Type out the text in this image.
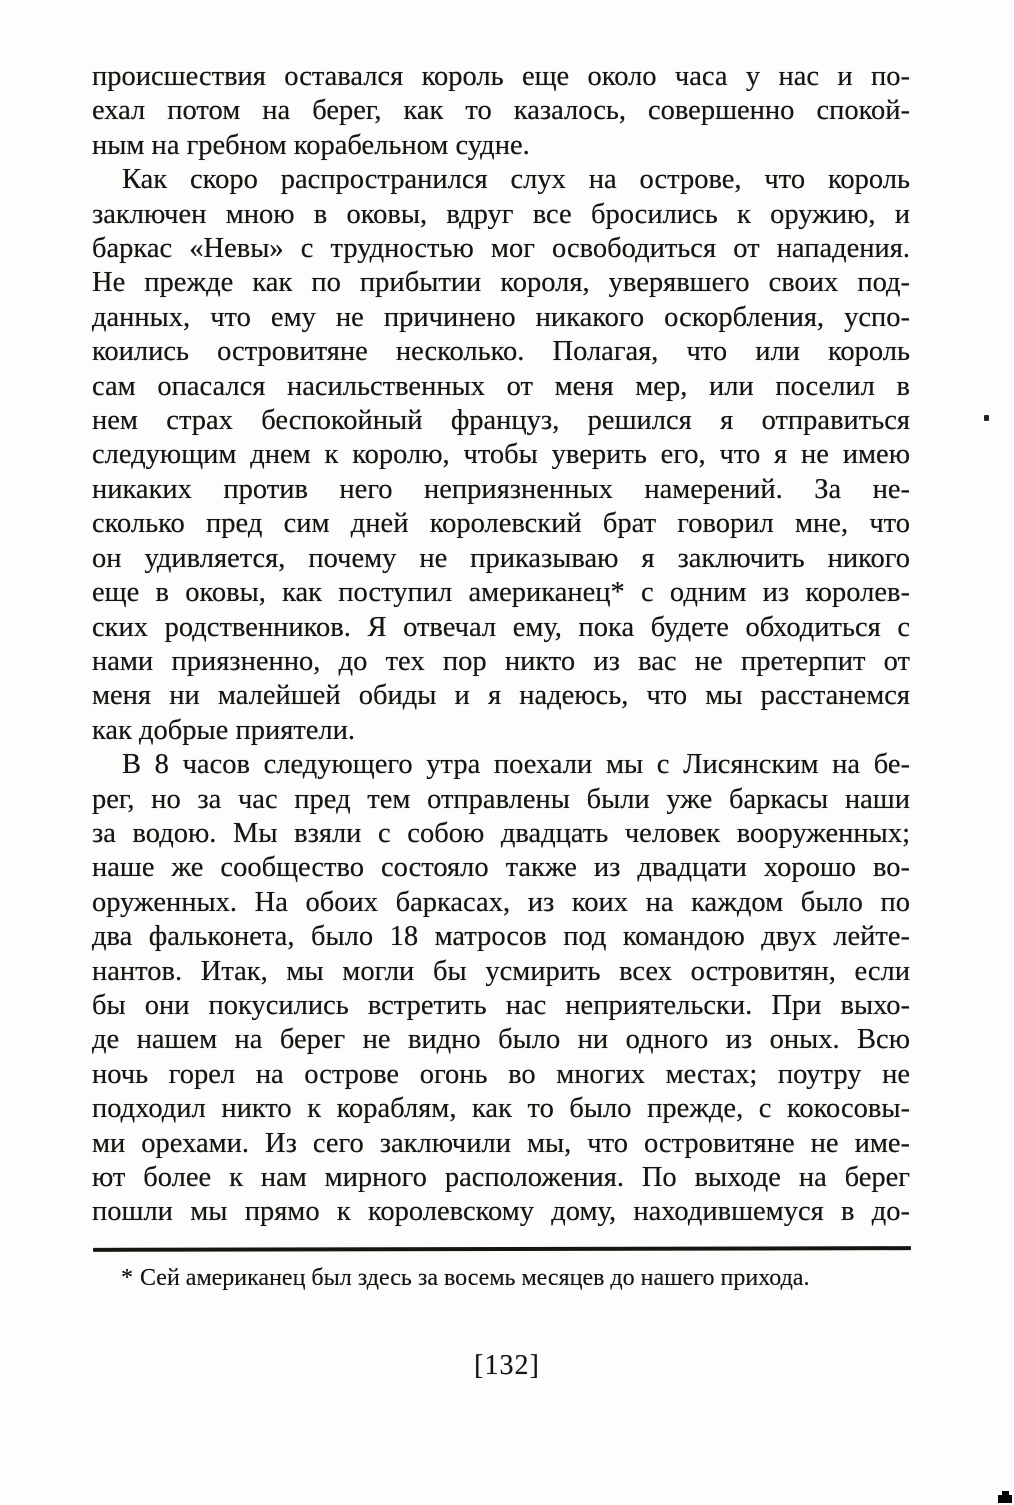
происшествия оставался король еще около часа у нас и по-
ехал потом на берег, как то казалось, совершенно спокой-
ным на гребном корабельном судне.
Как скоро распространился слух на острове, что король
заключен мною в оковы, вдруг все бросились к оружию, и
баркас «Невы» с трудностью мог освободиться от нападения.
Не прежде как по прибытии короля, уверявшего своих под-
данных, что ему не причинено никакого оскорбления, успо-
коились островитяне несколько. Полагая, что или король
сам опасался насильственных от меня мер, или поселил в
нем страх беспокойный француз, решился я отправиться
следующим днем к королю, чтобы уверить его, что я не имею
никаких против него неприязненных намерений. За не-
сколько пред сим дней королевский брат говорил мне, что
он удивляется, почему не приказываю я заключить никого
еще в оковы, как поступил американец* с одним из королев-
ских родственников. Я отвечал ему, пока будете обходиться с
нами приязненно, до тех пор никто из вас не претерпит от
меня ни малейшей обиды и я надеюсь, что мы расстанемся
как добрые приятели.
В 8 часов следующего утра поехали мы с Лисянским на бе-
рег, но за час пред тем отправлены были уже баркасы наши
за водою. Мы взяли с собою двадцать человек вооруженных;
наше же сообщество состояло также из двадцати хорошо во-
оруженных. На обоих баркасах, из коих на каждом было по
два фальконета, было 18 матросов под командою двух лейте-
нантов. Итак, мы могли бы усмирить всех островитян, если
бы они покусились встретить нас неприятельски. При выхо-
де нашем на берег не видно было ни одного из оных. Всю
ночь горел на острове огонь во многих местах; поутру не
подходил никто к кораблям, как то было прежде, с кокосовы-
ми орехами. Из сего заключили мы, что островитяне не име-
ют более к нам мирного расположения. По выходе на берег
пошли мы прямо к королевскому дому, находившемуся в до-
* Сей американец был здесь за восемь месяцев до нашего прихода.
[132]
